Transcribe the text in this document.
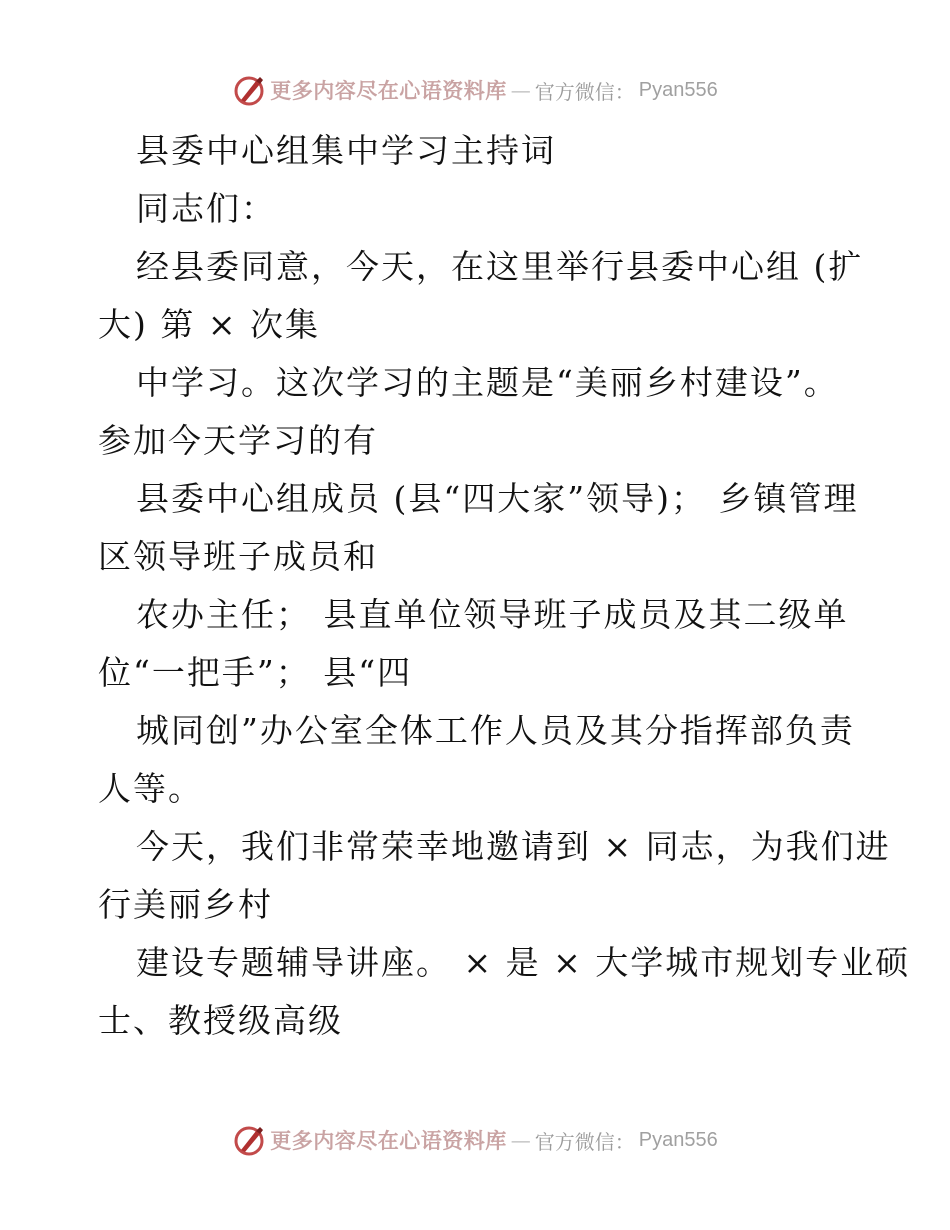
更多内容尽在心语资料库 — 官方微信： Pyan556
县委中心组集中学习主持词
同志们：
经县委同意，今天，在这里举行县委中心组 (扩
大) 第 × 次集
中学习。这次学习的主题是“美丽乡村建设”。
参加今天学习的有
县委中心组成员 (县“四大家”领导)； 乡镇管理
区领导班子成员和
农办主任； 县直单位领导班子成员及其二级单
位“一把手”； 县“四
城同创”办公室全体工作人员及其分指挥部负责
人等。
今天，我们非常荣幸地邀请到 × 同志，为我们进
行美丽乡村
建设专题辅导讲座。 × 是 × 大学城市规划专业硕
士、教授级高级
更多内容尽在心语资料库 — 官方微信： Pyan556
